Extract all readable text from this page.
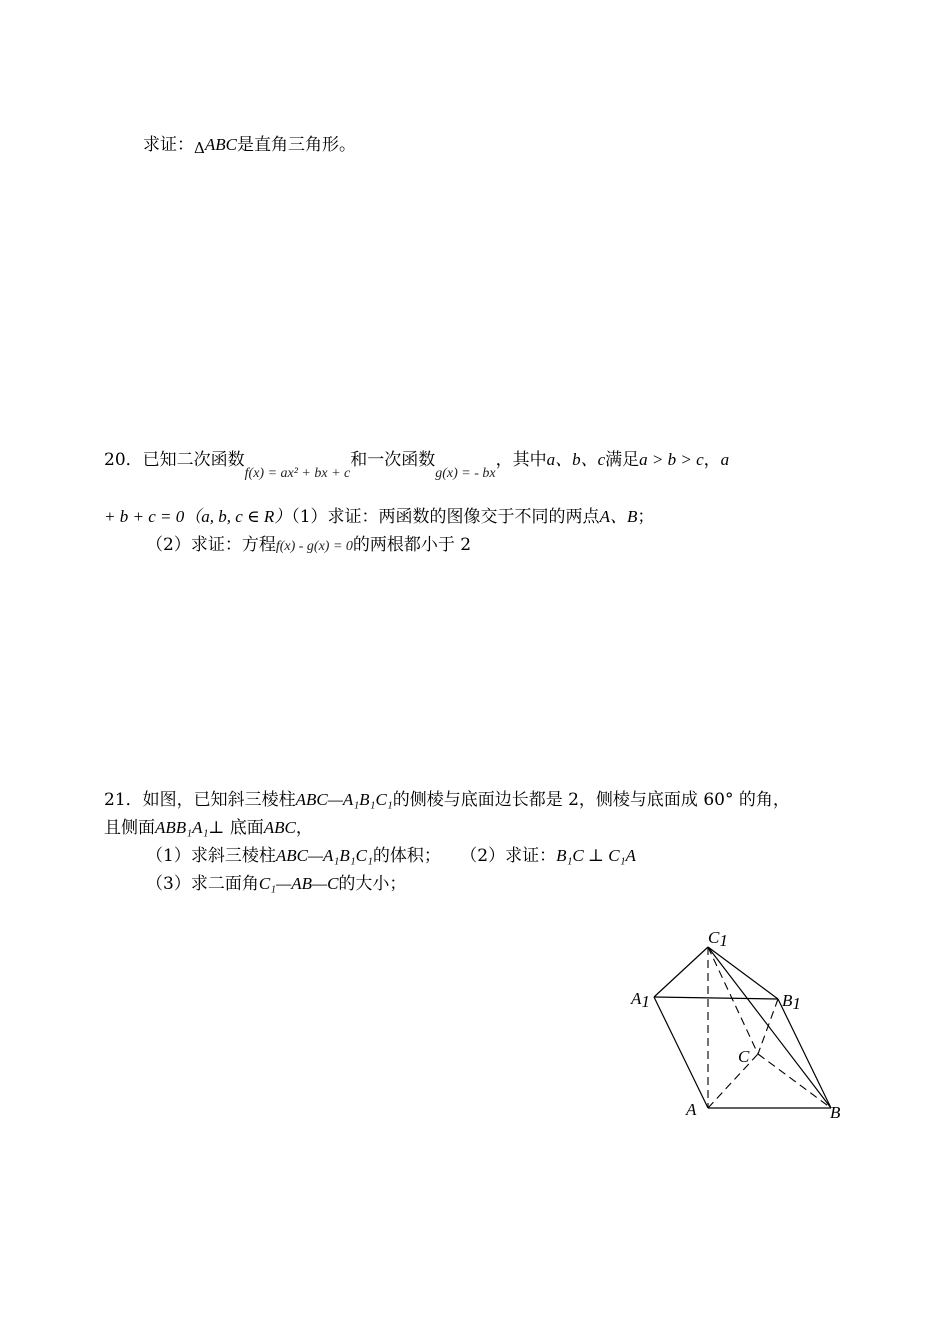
求证：ΔABC是直角三角形。
20．已知二次函数$_{f(x) = ax^2 + bx + c}$和一次函数$_{g(x) = - bx}$，其中a、b、c满足a > b > c，a
+ b + c = 0（a, b, c ∈ R）（1）求证：两函数的图像交于不同的两点A、B；
（2）求证：方程f(x) - g(x) = 0的两根都小于 2
21．如图，已知斜三棱柱ABC—A₁B₁C₁的侧棱与底面边长都是 2，侧棱与底面成 60° 的角，
且侧面ABB₁A₁⊥ 底面ABC，
（1）求斜三棱柱ABC—A₁B₁C₁的体积； （2）求证：B₁C ⊥ C₁A
（3）求二面角C₁—AB—C的大小；
C1
A1	B1
C
A	B
